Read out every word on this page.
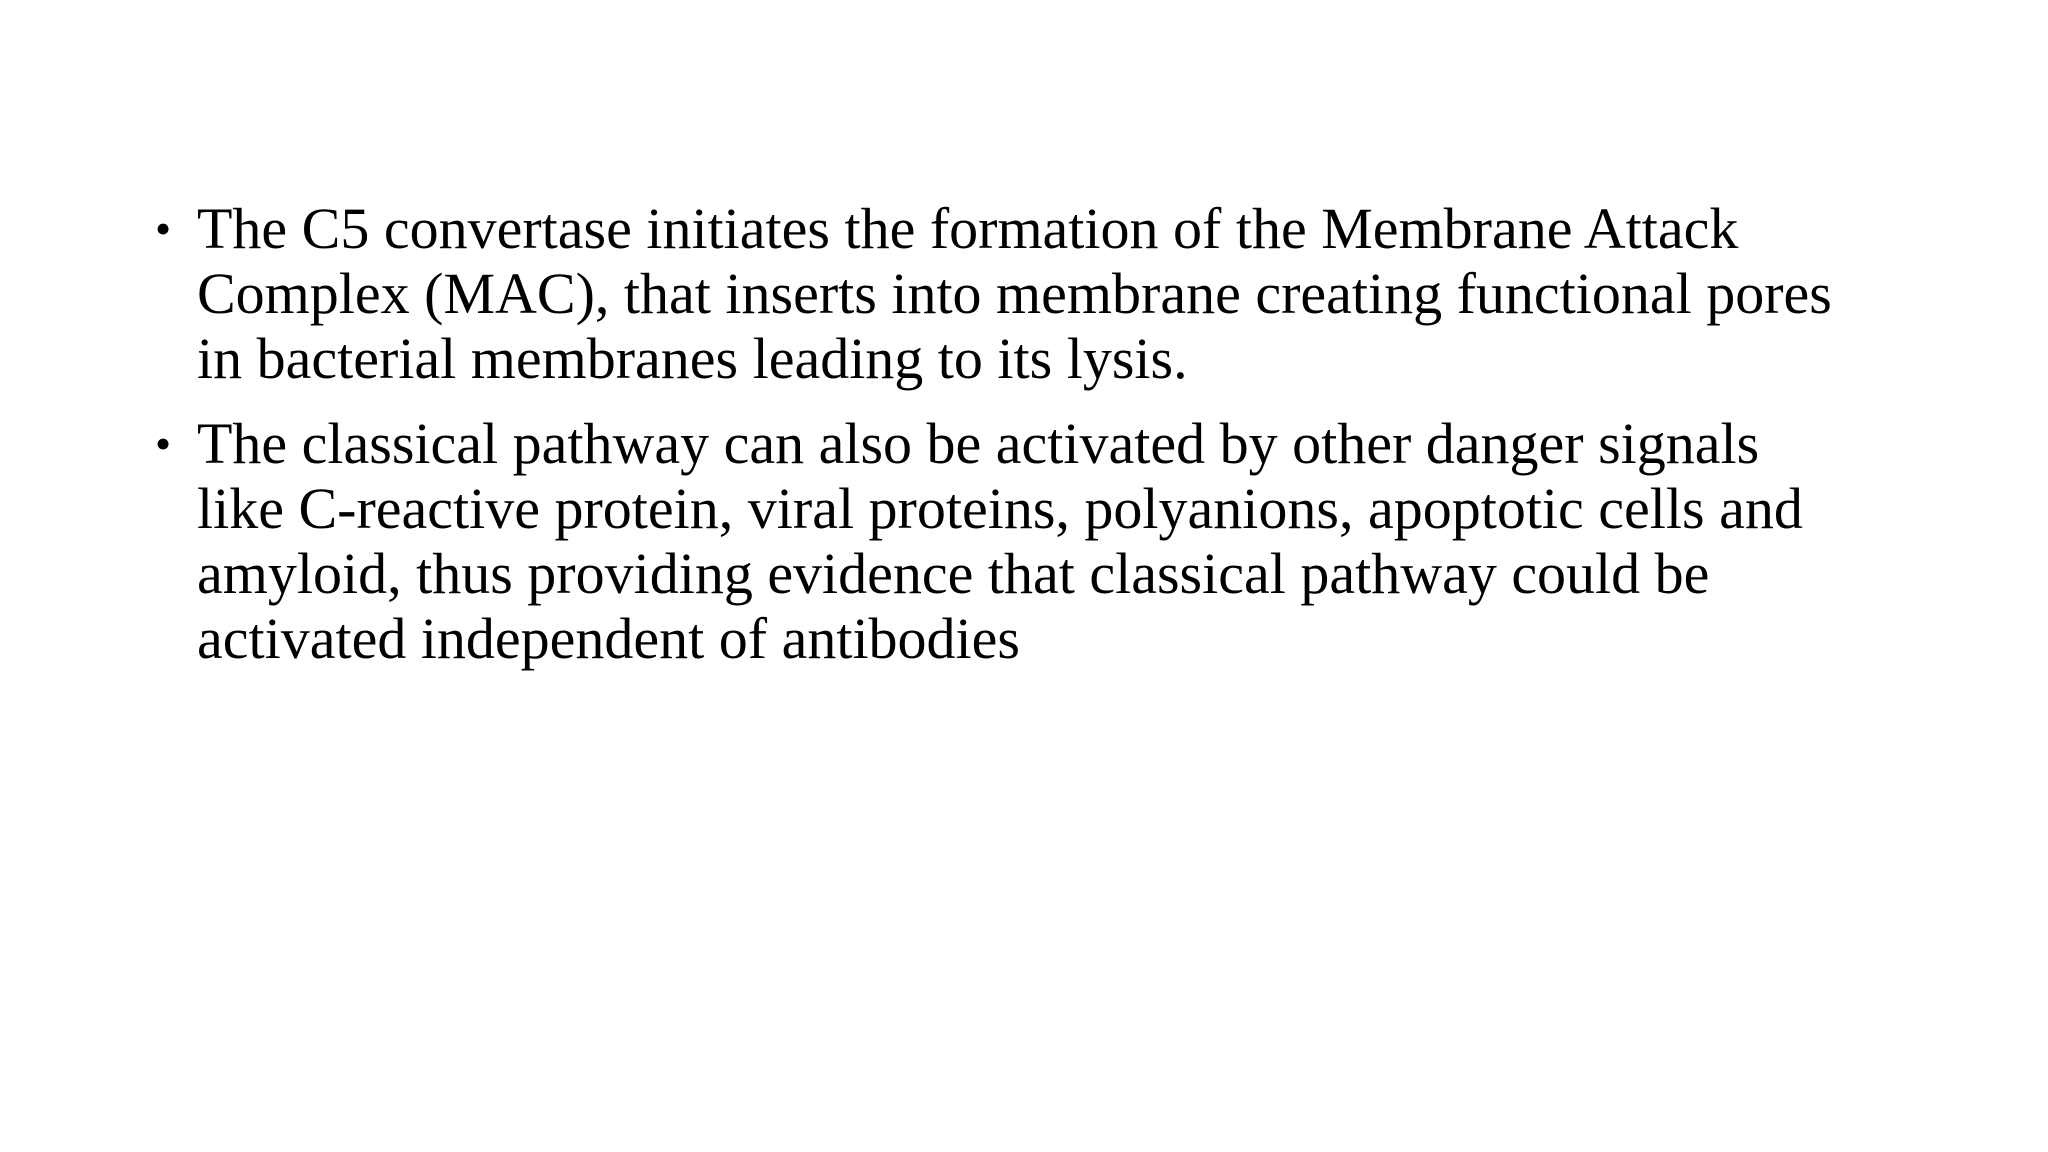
• The C5 convertase initiates the formation of the Membrane Attack
Complex (MAC), that inserts into membrane creating functional pores
in bacterial membranes leading to its lysis.
• The classical pathway can also be activated by other danger signals
like C-reactive protein, viral proteins, polyanions, apoptotic cells and
amyloid, thus providing evidence that classical pathway could be
activated independent of antibodies
